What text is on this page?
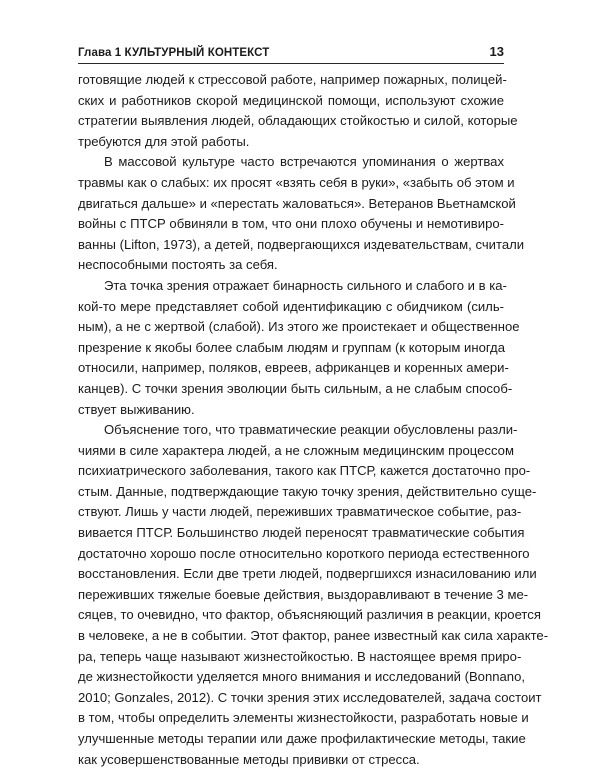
Глава 1 КУЛЬТУРНЫЙ КОНТЕКСТ	13
готовящие людей к стрессовой работе, например пожарных, полицей-
ских и работников скорой медицинской помощи, используют схожие
стратегии выявления людей, обладающих стойкостью и силой, которые
требуются для этой работы.
В массовой культуре часто встречаются упоминания о жертвах
травмы как о слабых: их просят «взять себя в руки», «забыть об этом и
двигаться дальше» и «перестать жаловаться». Ветеранов Вьетнамской
войны с ПТСР обвиняли в том, что они плохо обучены и немотивиро-
ванны (Lifton, 1973), а детей, подвергающихся издевательствам, считали
неспособными постоять за себя.
Эта точка зрения отражает бинарность сильного и слабого и в ка-
кой-то мере представляет собой идентификацию с обидчиком (силь-
ным), а не с жертвой (слабой). Из этого же проистекает и общественное
презрение к якобы более слабым людям и группам (к которым иногда
относили, например, поляков, евреев, африканцев и коренных амери-
канцев). С точки зрения эволюции быть сильным, а не слабым способ-
ствует выживанию.
Объяснение того, что травматические реакции обусловлены разли-
чиями в силе характера людей, а не сложным медицинским процессом
психиатрического заболевания, такого как ПТСР, кажется достаточно про-
стым. Данные, подтверждающие такую точку зрения, действительно суще-
ствуют. Лишь у части людей, переживших травматическое событие, раз-
вивается ПТСР. Большинство людей переносят травматические события
достаточно хорошо после относительно короткого периода естественного
восстановления. Если две трети людей, подвергшихся изнасилованию или
переживших тяжелые боевые действия, выздоравливают в течение 3 ме-
сяцев, то очевидно, что фактор, объясняющий различия в реакции, кроется
в человеке, а не в событии. Этот фактор, ранее известный как сила характе-
ра, теперь чаще называют жизнестойкостью. В настоящее время приро-
де жизнестойкости уделяется много внимания и исследований (Bonnano,
2010; Gonzales, 2012). С точки зрения этих исследователей, задача состоит
в том, чтобы определить элементы жизнестойкости, разработать новые и
улучшенные методы терапии или даже профилактические методы, такие
как усовершенствованные методы прививки от стресса.
